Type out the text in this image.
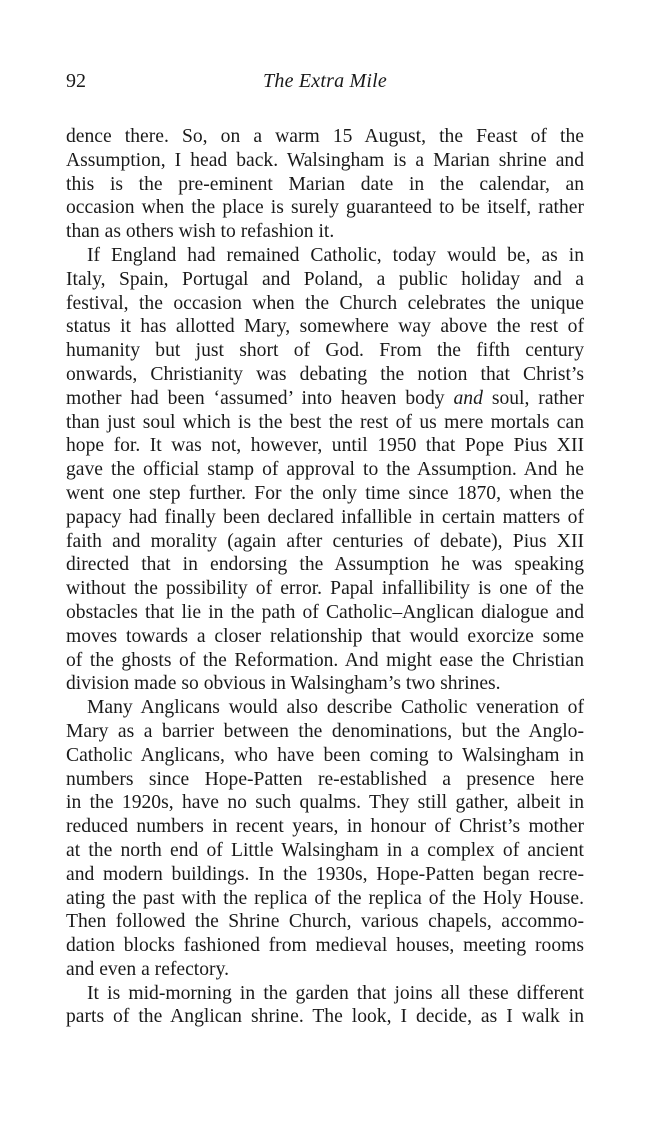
92	The Extra Mile
dence there. So, on a warm 15 August, the Feast of the
Assumption, I head back. Walsingham is a Marian shrine and
this is the pre-eminent Marian date in the calendar, an
occasion when the place is surely guaranteed to be itself, rather
than as others wish to refashion it.
If England had remained Catholic, today would be, as in
Italy, Spain, Portugal and Poland, a public holiday and a
festival, the occasion when the Church celebrates the unique
status it has allotted Mary, somewhere way above the rest of
humanity but just short of God. From the fifth century
onwards, Christianity was debating the notion that Christ’s
mother had been ‘assumed’ into heaven body and soul, rather
than just soul which is the best the rest of us mere mortals can
hope for. It was not, however, until 1950 that Pope Pius XII
gave the official stamp of approval to the Assumption. And he
went one step further. For the only time since 1870, when the
papacy had finally been declared infallible in certain matters of
faith and morality (again after centuries of debate), Pius XII
directed that in endorsing the Assumption he was speaking
without the possibility of error. Papal infallibility is one of the
obstacles that lie in the path of Catholic–Anglican dialogue and
moves towards a closer relationship that would exorcize some
of the ghosts of the Reformation. And might ease the Christian
division made so obvious in Walsingham’s two shrines.
Many Anglicans would also describe Catholic veneration of
Mary as a barrier between the denominations, but the Anglo-
Catholic Anglicans, who have been coming to Walsingham in
numbers since Hope-Patten re-established a presence here
in the 1920s, have no such qualms. They still gather, albeit in
reduced numbers in recent years, in honour of Christ’s mother
at the north end of Little Walsingham in a complex of ancient
and modern buildings. In the 1930s, Hope-Patten began recre-
ating the past with the replica of the replica of the Holy House.
Then followed the Shrine Church, various chapels, accommo-
dation blocks fashioned from medieval houses, meeting rooms
and even a refectory.
It is mid-morning in the garden that joins all these different
parts of the Anglican shrine. The look, I decide, as I walk in
